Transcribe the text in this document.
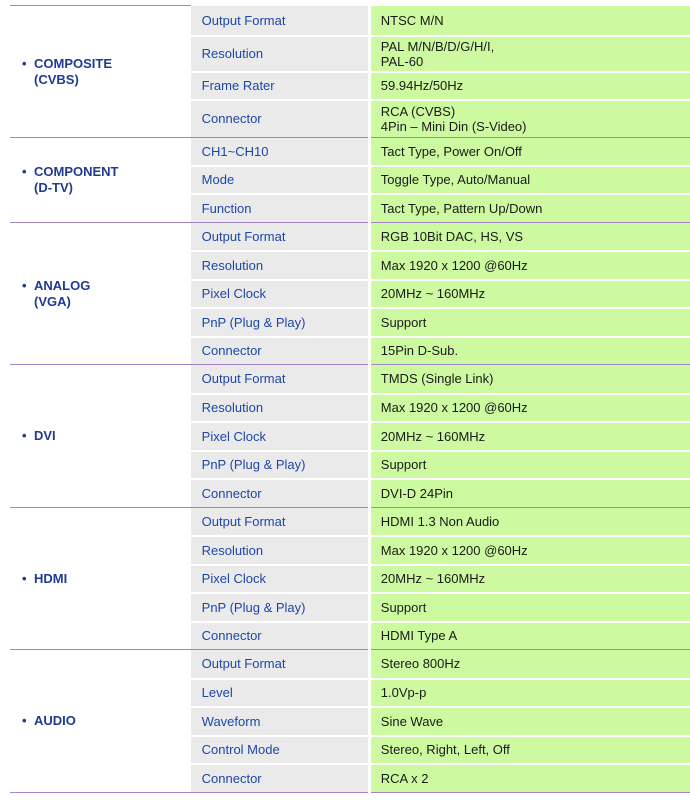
• COMPOSITE
(CVBS)	Output Format	NTSC M/N
	Resolution	PAL M/N/B/D/G/H/I,
PAL-60
	Frame Rater	59.94Hz/50Hz
	Connector	RCA (CVBS)
4Pin – Mini Din (S-Video)

• COMPONENT
(D-TV)	CH1~CH10	Tact Type, Power On/Off
	Mode	Toggle Type, Auto/Manual
	Function	Tact Type, Pattern Up/Down

• ANALOG
(VGA)	Output Format	RGB 10Bit DAC, HS, VS
	Resolution	Max 1920 x 1200 @60Hz
	Pixel Clock	20MHz ~ 160MHz
	PnP (Plug & Play)	Support
	Connector	15Pin D-Sub.

• DVI	Output Format	TMDS (Single Link)
	Resolution	Max 1920 x 1200 @60Hz
	Pixel Clock	20MHz ~ 160MHz
	PnP (Plug & Play)	Support
	Connector	DVI-D 24Pin

• HDMI	Output Format	HDMI 1.3 Non Audio
	Resolution	Max 1920 x 1200 @60Hz
	Pixel Clock	20MHz ~ 160MHz
	PnP (Plug & Play)	Support
	Connector	HDMI Type A

• AUDIO	Output Format	Stereo 800Hz
	Level	1.0Vp-p
	Waveform	Sine Wave
	Control Mode	Stereo, Right, Left, Off
	Connector	RCA x 2
